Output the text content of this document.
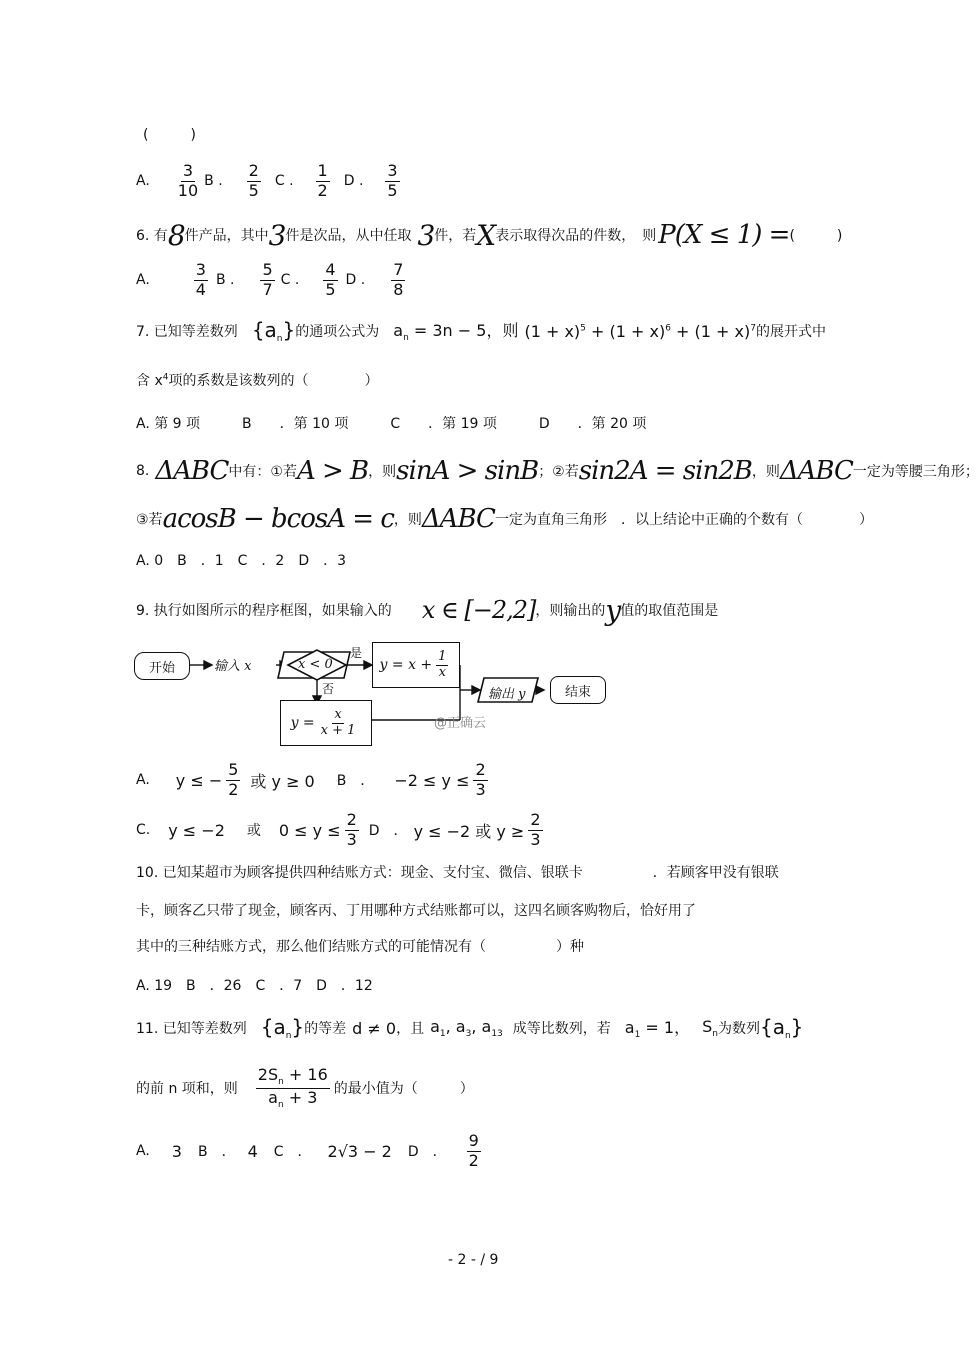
(　　　)
A. $\frac{3}{10}$ B . $\frac{2}{5}$ C . $\frac{1}{2}$ D . $\frac{3}{5}$
6. 有 8 件产品，其中 3 件是次品，从中任取 3 件，若 X 表示取得次品的件数，　则 P(X ≤ 1) = (　　　)
A.	$\frac{3}{4}$ B . $\frac{5}{7}$ C . $\frac{4}{5}$ D . $\frac{7}{8}$
7. 已知等差数列 $\{a_n\}$ 的通项公式为 $a_n = 3n - 5$，则 $(1 + x)^5 + (1 + x)^6 + (1 + x)^7$ 的展开式中
含 $x^4$项的系数是该数列的（　　　　）
A. 第 9 项　　　B　　．第 10 项　　　C　　．第 19 项　　　D　　．第 20 项
8. ΔABC 中有：①若 A > B ，则 sinA > sinB ；②若 sin2A = sin2B ，则 ΔABC 一定为等腰三角形；
③若 acosB − bcosA = c ，则 ΔABC 一定为直角三角形　．以上结论中正确的个数有（　　　　）
A. 0　B　．1　C　．2　D　．3
9. 执行如图所示的程序框图，如果输入的 x ∈ [−2,2] ，则输出的 y 值的取值范围是
开始	输入 x	x < 0
是
否
$y = x + \frac{1}{x}$
$y = \frac{x}{x + 1}$
输出 y	结束
@正确云
A. y ≤ − $\frac{5}{2}$ 或 y ≥ 0 B　． $-2 \le y \le \frac{2}{3}$
C. y ≤ −2 或 $0 \le y \le \frac{2}{3}$ D　． y ≤ −2 或 $y \ge \frac{2}{3}$
10. 已知某超市为顾客提供四种结账方式：现金、支付宝、微信、银联卡　　　　　．若顾客甲没有银联
卡，顾客乙只带了现金，顾客丙、丁用哪种方式结账都可以，这四名顾客购物后，恰好用了
其中的三种结账方式，那么他们结账方式的可能情况有（　　　　　）种
A. 19　B　．26　C　．7　D　．12
11. 已知等差数列 $\{a_n\}$ 的等差 d ≠ 0 ，且 $a_1$, $a_3$, $a_{13}$ 成等比数列，若 $a_1 = 1$， $S_n$ 为数列 $\{a_n\}$
的前 n 项和，则 $\frac{2S_n + 16}{a_n + 3}$ 的最小值为（　　　）
A. 3 B　． 4 C　． 2√3 − 2 D　． $\frac{9}{2}$
- 2 - / 9
